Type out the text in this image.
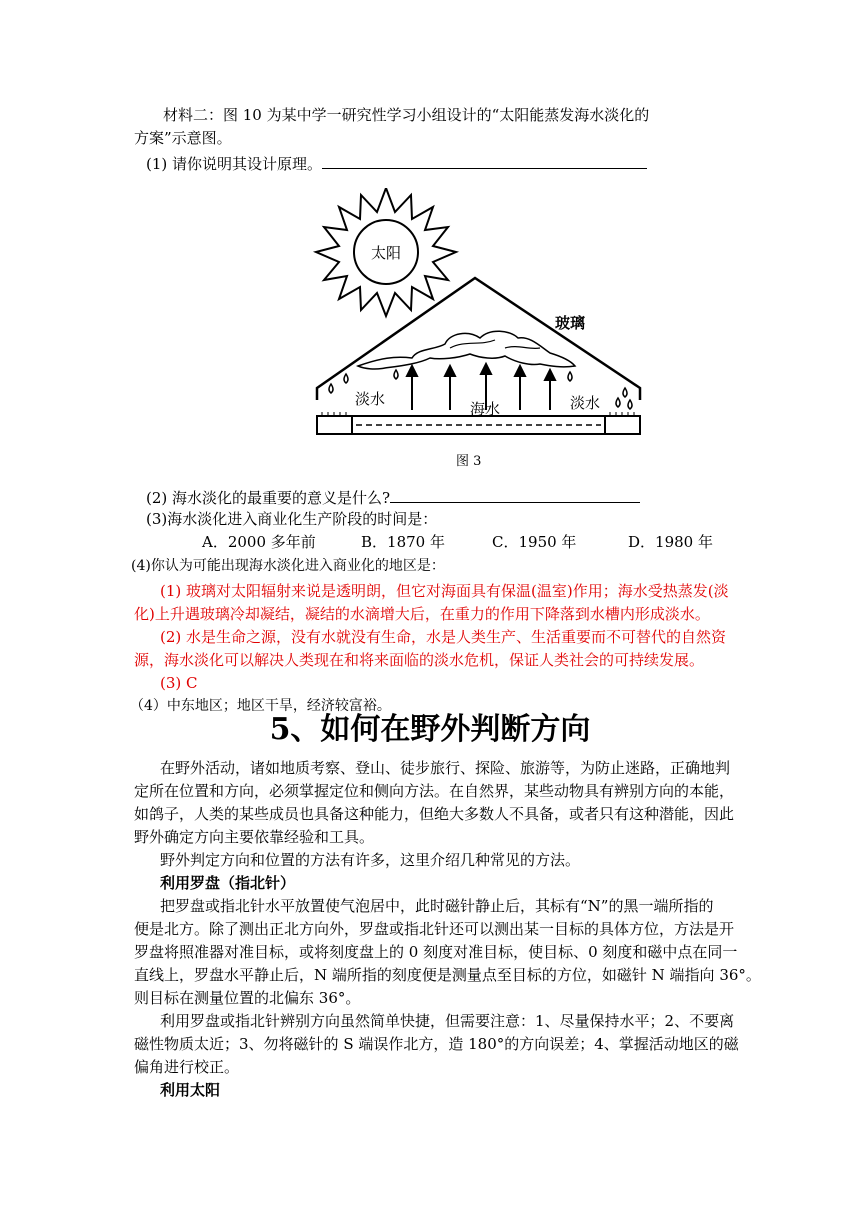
材料二：图 10 为某中学一研究性学习小组设计的“太阳能蒸发海水淡化的
方案”示意图。
(1) 请你说明其设计原理。
太阳
玻璃
淡水
海水	淡水
图 3
(2) 海水淡化的最重要的意义是什么?
(3)海水淡化进入商业化生产阶段的时间是：
A．2000 多年前	B．1870 年	C．1950 年	D．1980 年
(4)你认为可能出现海水淡化进入商业化的地区是：
(1) 玻璃对太阳辐射来说是透明朗，但它对海面具有保温(温室)作用；海水受热蒸发(淡
化)上升遇玻璃冷却凝结，凝结的水滴增大后，在重力的作用下降落到水槽内形成淡水。
(2) 水是生命之源，没有水就没有生命，水是人类生产、生活重要而不可替代的自然资
源，海水淡化可以解决人类现在和将来面临的淡水危机，保证人类社会的可持续发展。
(3) C
（4）中东地区；地区干旱，经济较富裕。
5、如何在野外判断方向
在野外活动，诸如地质考察、登山、徒步旅行、探险、旅游等，为防止迷路，正确地判
定所在位置和方向，必须掌握定位和侧向方法。在自然界，某些动物具有辨别方向的本能，
如鸽子，人类的某些成员也具备这种能力，但绝大多数人不具备，或者只有这种潜能，因此
野外确定方向主要依靠经验和工具。
野外判定方向和位置的方法有许多，这里介绍几种常见的方法。
利用罗盘（指北针）
把罗盘或指北针水平放置使气泡居中，此时磁针静止后，其标有“N”的黑一端所指的
便是北方。除了测出正北方向外，罗盘或指北针还可以测出某一目标的具体方位，方法是开
罗盘将照准器对准目标，或将刻度盘上的 0 刻度对准目标，使目标、0 刻度和磁中点在同一
直线上，罗盘水平静止后，N 端所指的刻度便是测量点至目标的方位，如磁针 N 端指向 36°。
则目标在测量位置的北偏东 36°。
利用罗盘或指北针辨别方向虽然简单快捷，但需要注意：1、尽量保持水平；2、不要离
磁性物质太近；3、勿将磁针的 S 端误作北方，造 180°的方向误差；4、掌握活动地区的磁
偏角进行校正。
利用太阳
